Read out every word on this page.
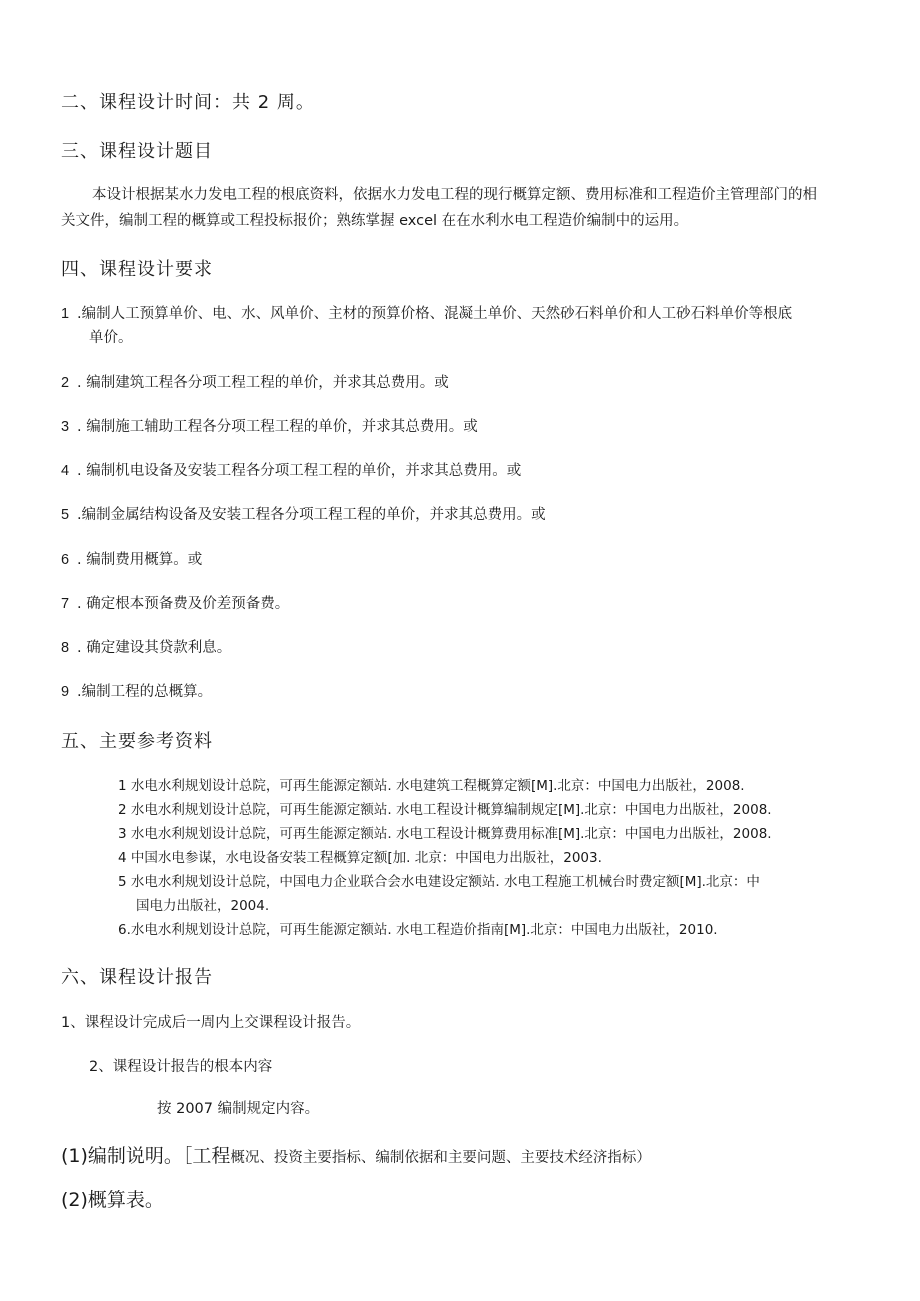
二、课程设计时间：共 2 周。
三、课程设计题目
本设计根据某水力发电工程的根底资料，依据水力发电工程的现行概算定额、费用标准和工程造价主管理部门的相
关文件，编制工程的概算或工程投标报价；熟练掌握 excel 在在水利水电工程造价编制中的运用。
四、课程设计要求
1 .编制人工预算单价、电、水、风单价、主材的预算价格、混凝土单价、天然砂石料单价和人工砂石料单价等根底
单价。
2 . 编制建筑工程各分项工程工程的单价，并求其总费用。或
3 . 编制施工辅助工程各分项工程工程的单价，并求其总费用。或
4 . 编制机电设备及安装工程各分项工程工程的单价，并求其总费用。或
5 .编制金属结构设备及安装工程各分项工程工程的单价，并求其总费用。或
6 . 编制费用概算。或
7 . 确定根本预备费及价差预备费。
8 . 确定建设其贷款利息。
9 .编制工程的总概算。
五、主要参考资料
1 水电水利规划设计总院，可再生能源定额站. 水电建筑工程概算定额[M].北京：中国电力出版社，2008.
2 水电水利规划设计总院，可再生能源定额站. 水电工程设计概算编制规定[M].北京：中国电力出版社，2008.
3 水电水利规划设计总院，可再生能源定额站. 水电工程设计概算费用标准[M].北京：中国电力出版社，2008.
4 中国水电参谋，水电设备安装工程概算定额[加. 北京：中国电力出版社，2003.
5 水电水利规划设计总院，中国电力企业联合会水电建设定额站. 水电工程施工机械台时费定额[M].北京：中
国电力出版社，2004.
6.水电水利规划设计总院，可再生能源定额站. 水电工程造价指南[M].北京：中国电力出版社，2010.
六、课程设计报告
1、课程设计完成后一周内上交课程设计报告。
2、课程设计报告的根本内容
按 2007 编制规定内容。
(1)编制说明。［工程概况、投资主要指标、编制依据和主要问题、主要技术经济指标）
(2)概算表。
